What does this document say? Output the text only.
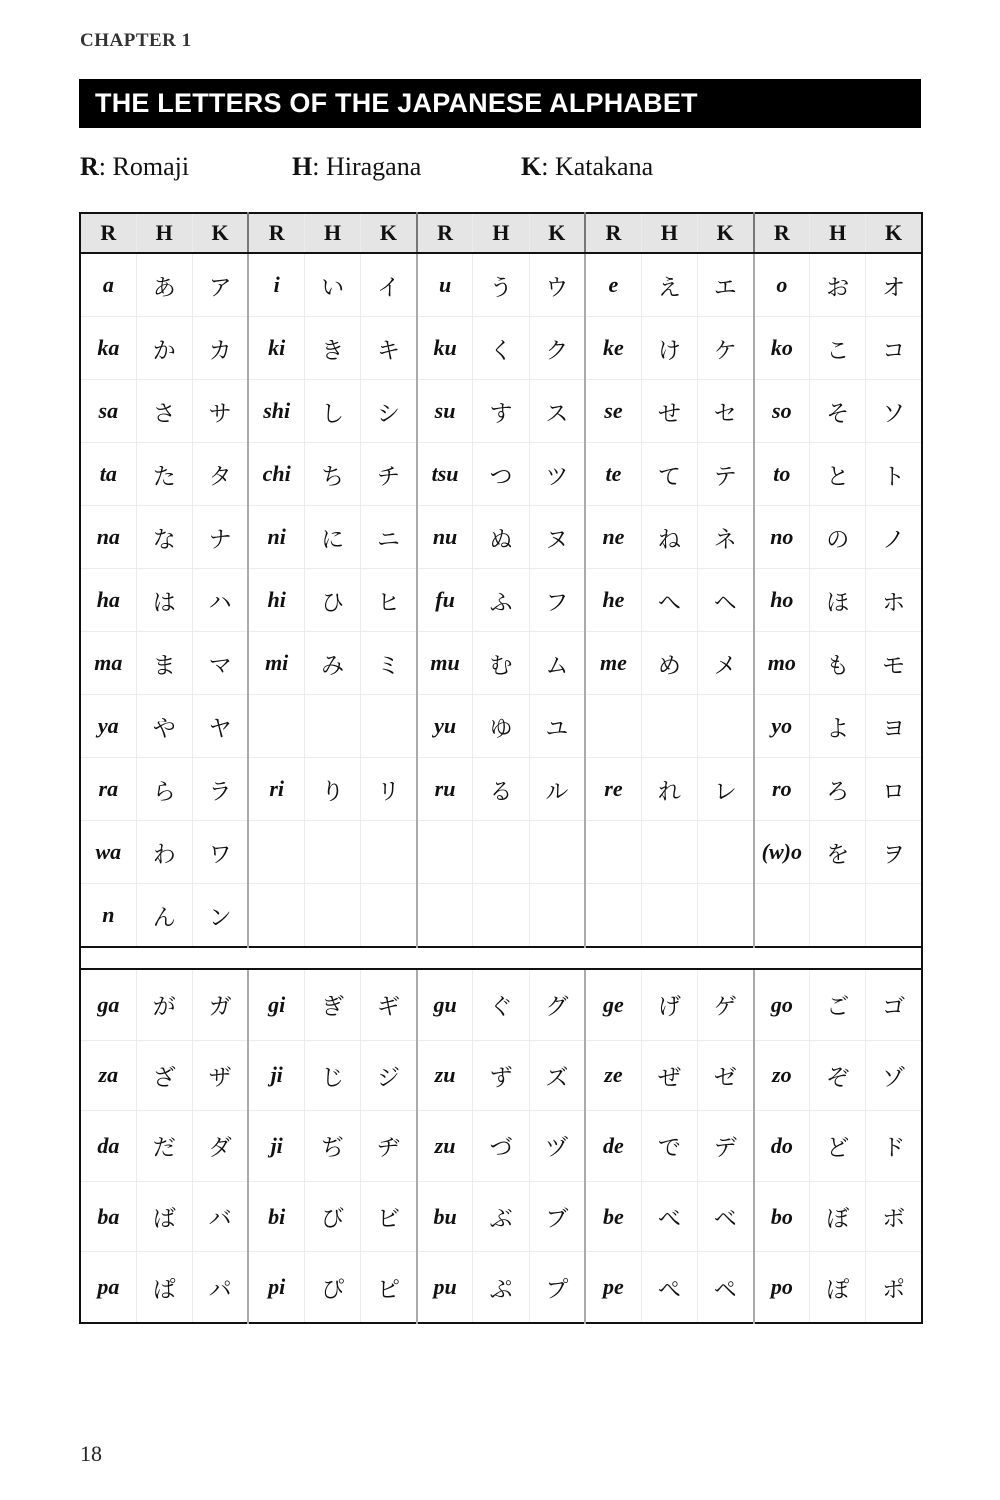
CHAPTER 1
THE LETTERS OF THE JAPANESE ALPHABET
R: Romaji	H: Hiragana	K: Katakana
R	H	K	R	H	K	R	H	K	R	H	K	R	H	K
a	あ	ア	i	い	イ	u	う	ウ	e	え	エ	o	お	オ
ka	か	カ	ki	き	キ	ku	く	ク	ke	け	ケ	ko	こ	コ
sa	さ	サ	shi	し	シ	su	す	ス	se	せ	セ	so	そ	ソ
ta	た	タ	chi	ち	チ	tsu	つ	ツ	te	て	テ	to	と	ト
na	な	ナ	ni	に	ニ	nu	ぬ	ヌ	ne	ね	ネ	no	の	ノ
ha	は	ハ	hi	ひ	ヒ	fu	ふ	フ	he	へ	ヘ	ho	ほ	ホ
ma	ま	マ	mi	み	ミ	mu	む	ム	me	め	メ	mo	も	モ
ya	や	ヤ				yu	ゆ	ユ				yo	よ	ヨ
ra	ら	ラ	ri	り	リ	ru	る	ル	re	れ	レ	ro	ろ	ロ
wa	わ	ワ										(w)o	を	ヲ
n	ん	ン												

ga	が	ガ	gi	ぎ	ギ	gu	ぐ	グ	ge	げ	ゲ	go	ご	ゴ
za	ざ	ザ	ji	じ	ジ	zu	ず	ズ	ze	ぜ	ゼ	zo	ぞ	ゾ
da	だ	ダ	ji	ぢ	ヂ	zu	づ	ヅ	de	で	デ	do	ど	ド
ba	ば	バ	bi	び	ビ	bu	ぶ	ブ	be	べ	ベ	bo	ぼ	ボ
pa	ぱ	パ	pi	ぴ	ピ	pu	ぷ	プ	pe	ぺ	ペ	po	ぽ	ポ
18
